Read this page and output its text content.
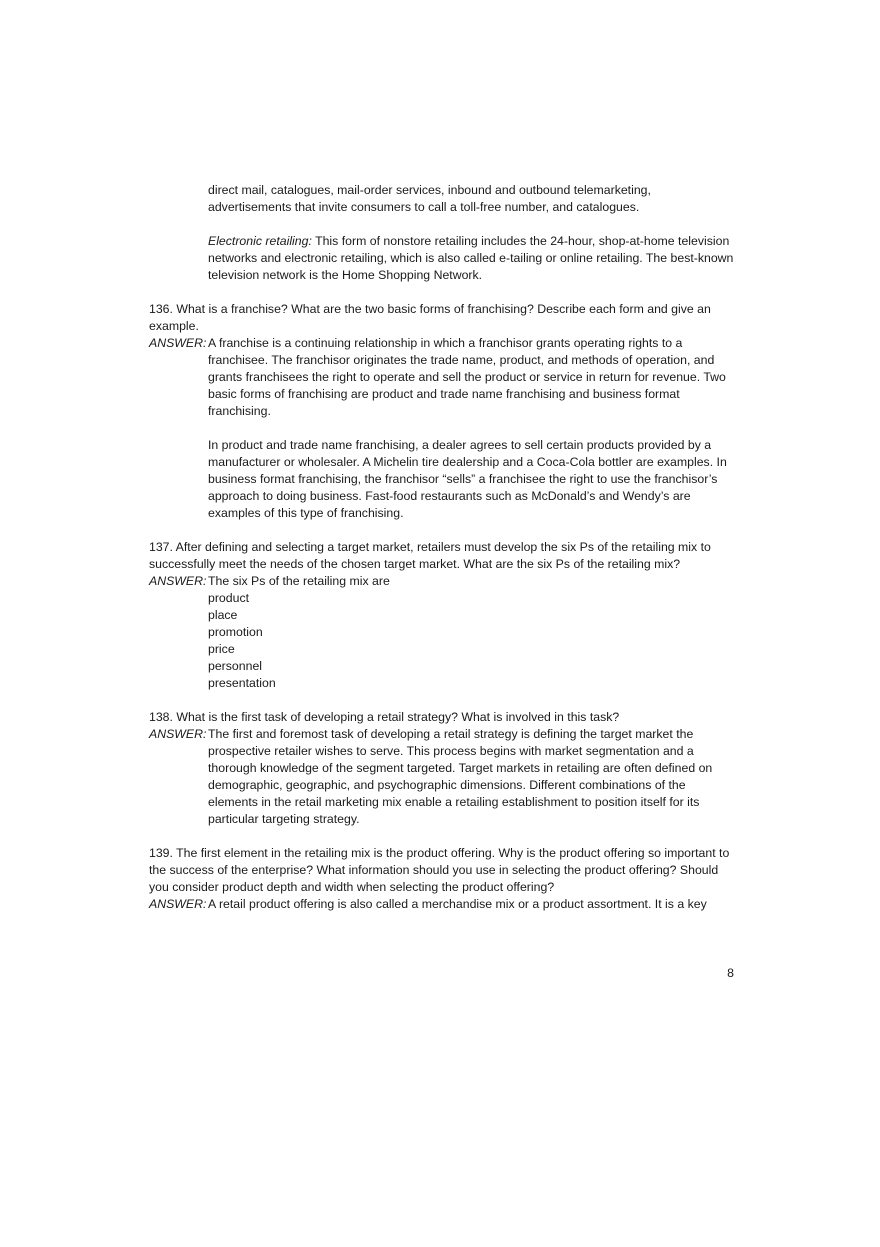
direct mail, catalogues, mail-order services, inbound and outbound telemarketing, advertisements that invite consumers to call a toll-free number, and catalogues.

Electronic retailing: This form of nonstore retailing includes the 24-hour, shop-at-home television networks and electronic retailing, which is also called e-tailing or online retailing. The best-known television network is the Home Shopping Network.

136. What is a franchise? What are the two basic forms of franchising? Describe each form and give an example.

ANSWER: A franchise is a continuing relationship in which a franchisor grants operating rights to a franchisee. The franchisor originates the trade name, product, and methods of operation, and grants franchisees the right to operate and sell the product or service in return for revenue. Two basic forms of franchising are product and trade name franchising and business format franchising.

In product and trade name franchising, a dealer agrees to sell certain products provided by a manufacturer or wholesaler. A Michelin tire dealership and a Coca-Cola bottler are examples. In business format franchising, the franchisor “sells” a franchisee the right to use the franchisor’s approach to doing business. Fast-food restaurants such as McDonald’s and Wendy’s are examples of this type of franchising.

137. After defining and selecting a target market, retailers must develop the six Ps of the retailing mix to successfully meet the needs of the chosen target market. What are the six Ps of the retailing mix?

ANSWER: The six Ps of the retailing mix are

product
place
promotion
price
personnel
presentation

138. What is the first task of developing a retail strategy? What is involved in this task?

ANSWER: The first and foremost task of developing a retail strategy is defining the target market the prospective retailer wishes to serve. This process begins with market segmentation and a thorough knowledge of the segment targeted. Target markets in retailing are often defined on demographic, geographic, and psychographic dimensions. Different combinations of the elements in the retail marketing mix enable a retailing establishment to position itself for its particular targeting strategy.

139. The first element in the retailing mix is the product offering. Why is the product offering so important to the success of the enterprise? What information should you use in selecting the product offering? Should you consider product depth and width when selecting the product offering?

ANSWER: A retail product offering is also called a merchandise mix or a product assortment. It is a key

8
